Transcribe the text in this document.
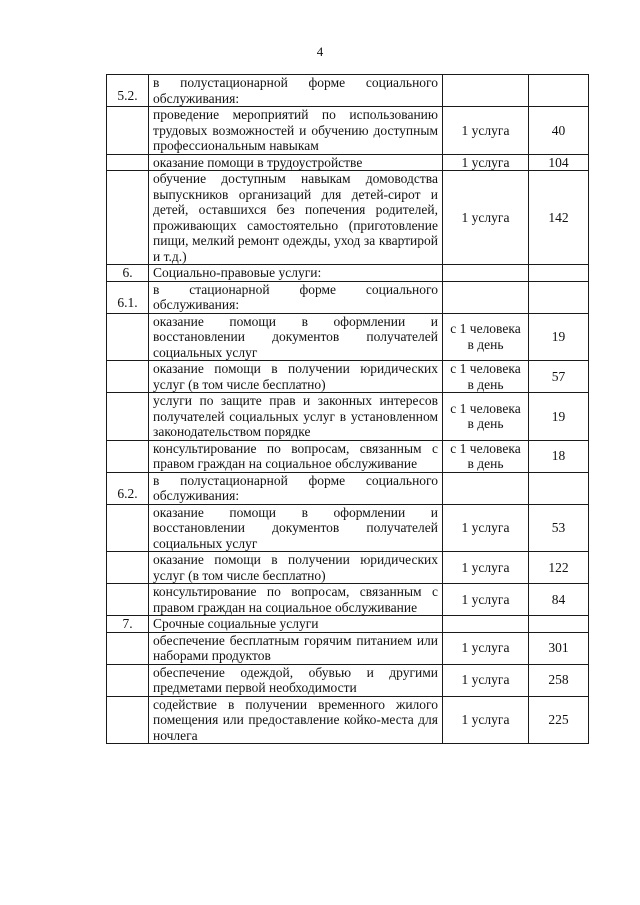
4
5.2.	в полустационарной форме социального обслуживания:		
	проведение мероприятий по использованию трудовых возможностей и обучению доступным профессиональным навыкам	1 услуга	40
	оказание помощи в трудоустройстве	1 услуга	104
	обучение доступным навыкам домоводства выпускников организаций для детей-сирот и детей, оставшихся без попечения родителей, проживающих самостоятельно (приготовление пищи, мелкий ремонт одежды, уход за квартирой и т.д.)	1 услуга	142
6.	Социально-правовые услуги:		
6.1.	в стационарной форме социального обслуживания:		
	оказание помощи в оформлении и восстановлении документов получателей социальных услуг	с 1 человека в день	19
	оказание помощи в получении юридических услуг (в том числе бесплатно)	с 1 человека в день	57
	услуги по защите прав и законных интересов получателей социальных услуг в установленном законодательством порядке	с 1 человека в день	19
	консультирование по вопросам, связанным с правом граждан на социальное обслуживание	с 1 человека в день	18
6.2.	в полустационарной форме социального обслуживания:		
	оказание помощи в оформлении и восстановлении документов получателей социальных услуг	1 услуга	53
	оказание помощи в получении юридических услуг (в том числе бесплатно)	1 услуга	122
	консультирование по вопросам, связанным с правом граждан на социальное обслуживание	1 услуга	84
7.	Срочные социальные услуги		
	обеспечение бесплатным горячим питанием или наборами продуктов	1 услуга	301
	обеспечение одеждой, обувью и другими предметами первой необходимости	1 услуга	258
	содействие в получении временного жилого помещения или предоставление койко-места для ночлега	1 услуга	225
